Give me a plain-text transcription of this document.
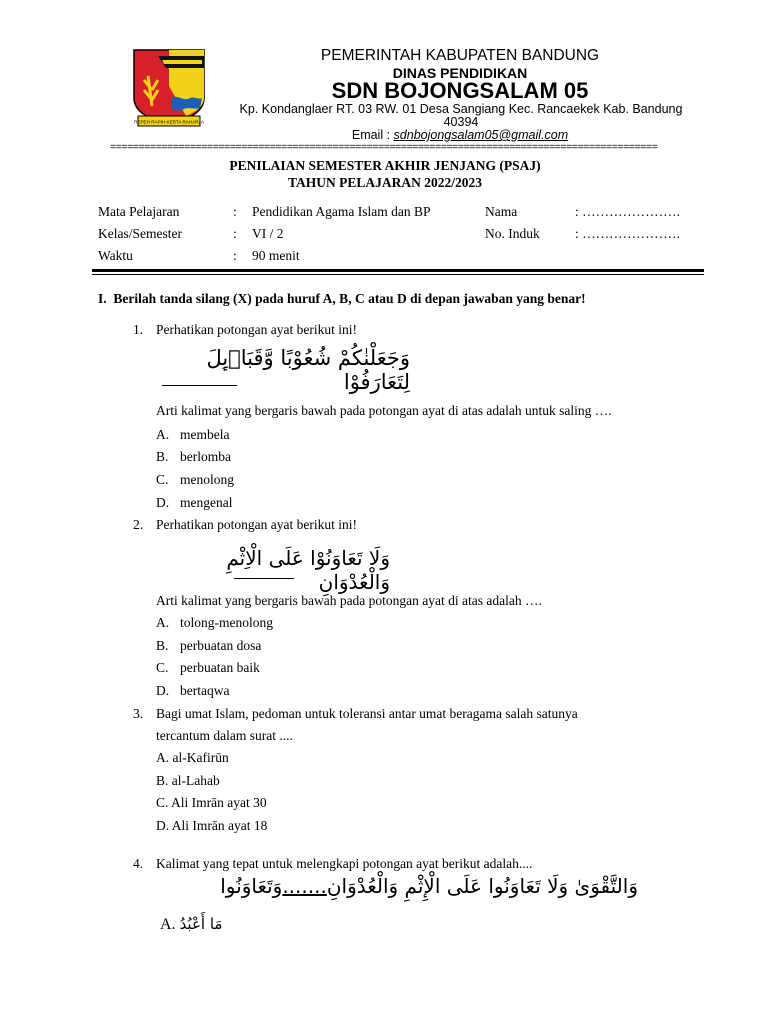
REPEH RAPIH KERTA RAHARJA
PEMERINTAH KABUPATEN BANDUNG
DINAS PENDIDIKAN
SDN BOJONGSALAM 05
Kp. Kondanglaer RT. 03 RW. 01 Desa Sangiang Kec. Rancaekek Kab. Bandung
40394
Email : sdnbojongsalam05@gmail.com
================================================================================================
PENILAIAN SEMESTER AKHIR JENJANG (PSAJ)
TAHUN PELAJARAN 2022/2023
Mata Pelajaran	: Pendidikan Agama Islam dan BP	Nama	: ………………….
Kelas/Semester	: VI / 2	No. Induk	: ………………….
Waktu	: 90 menit
I. Berilah tanda silang (X) pada huruf A, B, C atau D di depan jawaban yang benar!
1. Perhatikan potongan ayat berikut ini!
وَجَعَلْنٰكُمْ شُعُوْبًا وَّقَبَاۤىِٕلَ لِتَعَارَفُوْا
Arti kalimat yang bergaris bawah pada potongan ayat di atas adalah untuk saling ….
A. membela
B. berlomba
C. menolong
D. mengenal
2. Perhatikan potongan ayat berikut ini!
وَلَا تَعَاوَنُوْا عَلَى الْاِثْمِ وَالْعُدْوَانِ
Arti kalimat yang bergaris bawah pada potongan ayat di atas adalah ….
A. tolong-menolong
B. perbuatan dosa
C. perbuatan baik
D. bertaqwa
3. Bagi umat Islam, pedoman untuk toleransi antar umat beragama salah satunya
tercantum dalam surat ....
A. al-Kafirūn
B. al-Lahab
C. Ali Imrān ayat 30
D. Ali Imrān ayat 18
4. Kalimat yang tepat untuk melengkapi potongan ayat berikut adalah....
وَالتَّقْوَىٰ وَلَا تَعَاوَنُوا عَلَى الْإِثْمِ وَالْعُدْوَانِ.......وَتَعَاوَنُوا
A. مَا أَعْبُدُ
